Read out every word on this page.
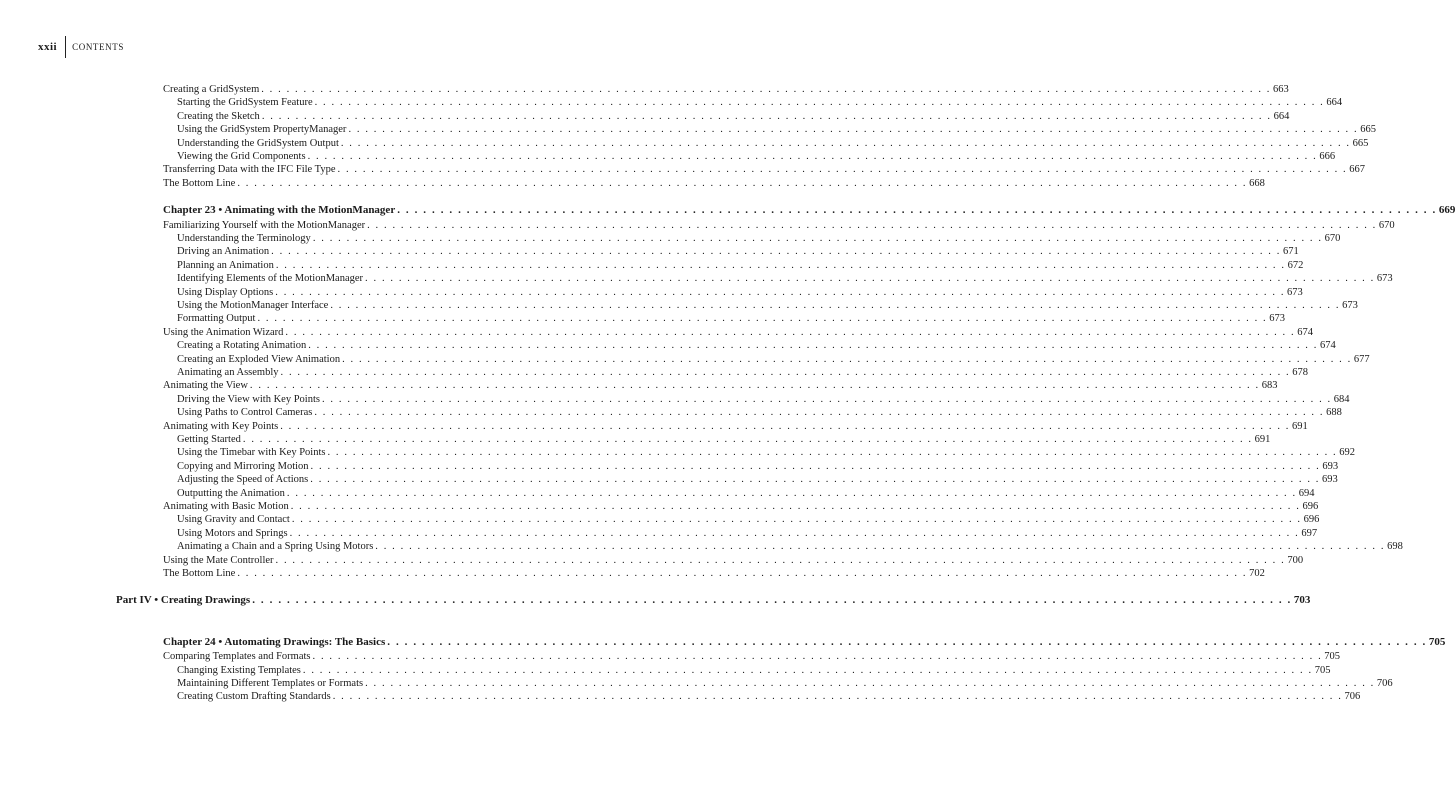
xxii	CONTENTS
Creating a GridSystem . . . . . . . . . . . . . . . . . . . . . . . . . . . . . . . . . . . . . . . . . . . . . . . . . . . . . . . . . . . . . . . . . . . . . . . . . . . . . . . . . . . . . . . . . . . . . . . . . . . . . . . . . . . . . . . . . . . . . . . . 663
Starting the GridSystem Feature . . . . . . . . . . . . . . . . . . . . . . . . . . . . . . . . . . . . . . . . . . . . . . . . . . . . . . . . . . . . . . . . . . . . . . . . . . . . . . . . . . . . . . . . . . . . . . . . . . . . . . . . . . . . . . . . . . . . . . . . 664
Creating the Sketch . . . . . . . . . . . . . . . . . . . . . . . . . . . . . . . . . . . . . . . . . . . . . . . . . . . . . . . . . . . . . . . . . . . . . . . . . . . . . . . . . . . . . . . . . . . . . . . . . . . . . . . . . . . . . . . . . . . . . . . . 664
Using the GridSystem PropertyManager . . . . . . . . . . . . . . . . . . . . . . . . . . . . . . . . . . . . . . . . . . . . . . . . . . . . . . . . . . . . . . . . . . . . . . . . . . . . . . . . . . . . . . . . . . . . . . . . . . . . . . . . . . . . . . . . . . . . . . . . 665
Understanding the GridSystem Output . . . . . . . . . . . . . . . . . . . . . . . . . . . . . . . . . . . . . . . . . . . . . . . . . . . . . . . . . . . . . . . . . . . . . . . . . . . . . . . . . . . . . . . . . . . . . . . . . . . . . . . . . . . . . . . . . . . . . . . . 665
Viewing the Grid Components . . . . . . . . . . . . . . . . . . . . . . . . . . . . . . . . . . . . . . . . . . . . . . . . . . . . . . . . . . . . . . . . . . . . . . . . . . . . . . . . . . . . . . . . . . . . . . . . . . . . . . . . . . . . . . . . . . . . . . . . 666
Transferring Data with the IFC File Type . . . . . . . . . . . . . . . . . . . . . . . . . . . . . . . . . . . . . . . . . . . . . . . . . . . . . . . . . . . . . . . . . . . . . . . . . . . . . . . . . . . . . . . . . . . . . . . . . . . . . . . . . . . . . . . . . . . . . . . . 667
The Bottom Line . . . . . . . . . . . . . . . . . . . . . . . . . . . . . . . . . . . . . . . . . . . . . . . . . . . . . . . . . . . . . . . . . . . . . . . . . . . . . . . . . . . . . . . . . . . . . . . . . . . . . . . . . . . . . . . . . . . . . . . . 668
Chapter 23 • Animating with the MotionManager . . . . . . . . . . . . . . . . . . . . . . . . . . . . . . . . . . . . . . . . . . . . . . . . . . . . . . . . . . . . . . . . . . . . . . . . . . . . . . . . . . . . . . . . . . . . . . . . . . . . . . . . . . . . . . . . . . . . . . . . 669
Familiarizing Yourself with the MotionManager . . . . . . . . . . . . . . . . . . . . . . . . . . . . . . . . . . . . . . . . . . . . . . . . . . . . . . . . . . . . . . . . . . . . . . . . . . . . . . . . . . . . . . . . . . . . . . . . . . . . . . . . . . . . . . . . . . . . . . . . 670
Understanding the Terminology . . . . . . . . . . . . . . . . . . . . . . . . . . . . . . . . . . . . . . . . . . . . . . . . . . . . . . . . . . . . . . . . . . . . . . . . . . . . . . . . . . . . . . . . . . . . . . . . . . . . . . . . . . . . . . . . . . . . . . . . 670
Driving an Animation . . . . . . . . . . . . . . . . . . . . . . . . . . . . . . . . . . . . . . . . . . . . . . . . . . . . . . . . . . . . . . . . . . . . . . . . . . . . . . . . . . . . . . . . . . . . . . . . . . . . . . . . . . . . . . . . . . . . . . . . 671
Planning an Animation . . . . . . . . . . . . . . . . . . . . . . . . . . . . . . . . . . . . . . . . . . . . . . . . . . . . . . . . . . . . . . . . . . . . . . . . . . . . . . . . . . . . . . . . . . . . . . . . . . . . . . . . . . . . . . . . . . . . . . . . 672
Identifying Elements of the MotionManager . . . . . . . . . . . . . . . . . . . . . . . . . . . . . . . . . . . . . . . . . . . . . . . . . . . . . . . . . . . . . . . . . . . . . . . . . . . . . . . . . . . . . . . . . . . . . . . . . . . . . . . . . . . . . . . . . . . . . . . . 673
Using Display Options . . . . . . . . . . . . . . . . . . . . . . . . . . . . . . . . . . . . . . . . . . . . . . . . . . . . . . . . . . . . . . . . . . . . . . . . . . . . . . . . . . . . . . . . . . . . . . . . . . . . . . . . . . . . . . . . . . . . . . . . 673
Using the MotionManager Interface . . . . . . . . . . . . . . . . . . . . . . . . . . . . . . . . . . . . . . . . . . . . . . . . . . . . . . . . . . . . . . . . . . . . . . . . . . . . . . . . . . . . . . . . . . . . . . . . . . . . . . . . . . . . . . . . . . . . . . . . 673
Formatting Output . . . . . . . . . . . . . . . . . . . . . . . . . . . . . . . . . . . . . . . . . . . . . . . . . . . . . . . . . . . . . . . . . . . . . . . . . . . . . . . . . . . . . . . . . . . . . . . . . . . . . . . . . . . . . . . . . . . . . . . . 673
Using the Animation Wizard . . . . . . . . . . . . . . . . . . . . . . . . . . . . . . . . . . . . . . . . . . . . . . . . . . . . . . . . . . . . . . . . . . . . . . . . . . . . . . . . . . . . . . . . . . . . . . . . . . . . . . . . . . . . . . . . . . . . . . . . 674
Creating a Rotating Animation . . . . . . . . . . . . . . . . . . . . . . . . . . . . . . . . . . . . . . . . . . . . . . . . . . . . . . . . . . . . . . . . . . . . . . . . . . . . . . . . . . . . . . . . . . . . . . . . . . . . . . . . . . . . . . . . . . . . . . . . 674
Creating an Exploded View Animation . . . . . . . . . . . . . . . . . . . . . . . . . . . . . . . . . . . . . . . . . . . . . . . . . . . . . . . . . . . . . . . . . . . . . . . . . . . . . . . . . . . . . . . . . . . . . . . . . . . . . . . . . . . . . . . . . . . . . . . . 677
Animating an Assembly . . . . . . . . . . . . . . . . . . . . . . . . . . . . . . . . . . . . . . . . . . . . . . . . . . . . . . . . . . . . . . . . . . . . . . . . . . . . . . . . . . . . . . . . . . . . . . . . . . . . . . . . . . . . . . . . . . . . . . . . 678
Animating the View . . . . . . . . . . . . . . . . . . . . . . . . . . . . . . . . . . . . . . . . . . . . . . . . . . . . . . . . . . . . . . . . . . . . . . . . . . . . . . . . . . . . . . . . . . . . . . . . . . . . . . . . . . . . . . . . . . . . . . . . 683
Driving the View with Key Points . . . . . . . . . . . . . . . . . . . . . . . . . . . . . . . . . . . . . . . . . . . . . . . . . . . . . . . . . . . . . . . . . . . . . . . . . . . . . . . . . . . . . . . . . . . . . . . . . . . . . . . . . . . . . . . . . . . . . . . . 684
Using Paths to Control Cameras . . . . . . . . . . . . . . . . . . . . . . . . . . . . . . . . . . . . . . . . . . . . . . . . . . . . . . . . . . . . . . . . . . . . . . . . . . . . . . . . . . . . . . . . . . . . . . . . . . . . . . . . . . . . . . . . . . . . . . . . 688
Animating with Key Points . . . . . . . . . . . . . . . . . . . . . . . . . . . . . . . . . . . . . . . . . . . . . . . . . . . . . . . . . . . . . . . . . . . . . . . . . . . . . . . . . . . . . . . . . . . . . . . . . . . . . . . . . . . . . . . . . . . . . . . . 691
Getting Started . . . . . . . . . . . . . . . . . . . . . . . . . . . . . . . . . . . . . . . . . . . . . . . . . . . . . . . . . . . . . . . . . . . . . . . . . . . . . . . . . . . . . . . . . . . . . . . . . . . . . . . . . . . . . . . . . . . . . . . . 691
Using the Timebar with Key Points . . . . . . . . . . . . . . . . . . . . . . . . . . . . . . . . . . . . . . . . . . . . . . . . . . . . . . . . . . . . . . . . . . . . . . . . . . . . . . . . . . . . . . . . . . . . . . . . . . . . . . . . . . . . . . . . . . . . . . . . 692
Copying and Mirroring Motion . . . . . . . . . . . . . . . . . . . . . . . . . . . . . . . . . . . . . . . . . . . . . . . . . . . . . . . . . . . . . . . . . . . . . . . . . . . . . . . . . . . . . . . . . . . . . . . . . . . . . . . . . . . . . . . . . . . . . . . . 693
Adjusting the Speed of Actions . . . . . . . . . . . . . . . . . . . . . . . . . . . . . . . . . . . . . . . . . . . . . . . . . . . . . . . . . . . . . . . . . . . . . . . . . . . . . . . . . . . . . . . . . . . . . . . . . . . . . . . . . . . . . . . . . . . . . . . . 693
Outputting the Animation . . . . . . . . . . . . . . . . . . . . . . . . . . . . . . . . . . . . . . . . . . . . . . . . . . . . . . . . . . . . . . . . . . . . . . . . . . . . . . . . . . . . . . . . . . . . . . . . . . . . . . . . . . . . . . . . . . . . . . . . 694
Animating with Basic Motion . . . . . . . . . . . . . . . . . . . . . . . . . . . . . . . . . . . . . . . . . . . . . . . . . . . . . . . . . . . . . . . . . . . . . . . . . . . . . . . . . . . . . . . . . . . . . . . . . . . . . . . . . . . . . . . . . . . . . . . . 696
Using Gravity and Contact . . . . . . . . . . . . . . . . . . . . . . . . . . . . . . . . . . . . . . . . . . . . . . . . . . . . . . . . . . . . . . . . . . . . . . . . . . . . . . . . . . . . . . . . . . . . . . . . . . . . . . . . . . . . . . . . . . . . . . . . 696
Using Motors and Springs . . . . . . . . . . . . . . . . . . . . . . . . . . . . . . . . . . . . . . . . . . . . . . . . . . . . . . . . . . . . . . . . . . . . . . . . . . . . . . . . . . . . . . . . . . . . . . . . . . . . . . . . . . . . . . . . . . . . . . . . 697
Animating a Chain and a Spring Using Motors . . . . . . . . . . . . . . . . . . . . . . . . . . . . . . . . . . . . . . . . . . . . . . . . . . . . . . . . . . . . . . . . . . . . . . . . . . . . . . . . . . . . . . . . . . . . . . . . . . . . . . . . . . . . . . . . . . . . . . . . 698
Using the Mate Controller . . . . . . . . . . . . . . . . . . . . . . . . . . . . . . . . . . . . . . . . . . . . . . . . . . . . . . . . . . . . . . . . . . . . . . . . . . . . . . . . . . . . . . . . . . . . . . . . . . . . . . . . . . . . . . . . . . . . . . . . 700
The Bottom Line . . . . . . . . . . . . . . . . . . . . . . . . . . . . . . . . . . . . . . . . . . . . . . . . . . . . . . . . . . . . . . . . . . . . . . . . . . . . . . . . . . . . . . . . . . . . . . . . . . . . . . . . . . . . . . . . . . . . . . . . 702
Part IV • Creating Drawings . . . . . . . . . . . . . . . . . . . . . . . . . . . . . . . . . . . . . . . . . . . . . . . . . . . . . . . . . . . . . . . . . . . . . . . . . . . . . . . . . . . . . . . . . . . . . . . . . . . . . . . . . . . . . . . . . . . . . . . . 703
Chapter 24 • Automating Drawings: The Basics . . . . . . . . . . . . . . . . . . . . . . . . . . . . . . . . . . . . . . . . . . . . . . . . . . . . . . . . . . . . . . . . . . . . . . . . . . . . . . . . . . . . . . . . . . . . . . . . . . . . . . . . . . . . . . . . . . . . . . . . 705
Comparing Templates and Formats . . . . . . . . . . . . . . . . . . . . . . . . . . . . . . . . . . . . . . . . . . . . . . . . . . . . . . . . . . . . . . . . . . . . . . . . . . . . . . . . . . . . . . . . . . . . . . . . . . . . . . . . . . . . . . . . . . . . . . . . 705
Changing Existing Templates . . . . . . . . . . . . . . . . . . . . . . . . . . . . . . . . . . . . . . . . . . . . . . . . . . . . . . . . . . . . . . . . . . . . . . . . . . . . . . . . . . . . . . . . . . . . . . . . . . . . . . . . . . . . . . . . . . . . . . . . 705
Maintaining Different Templates or Formats . . . . . . . . . . . . . . . . . . . . . . . . . . . . . . . . . . . . . . . . . . . . . . . . . . . . . . . . . . . . . . . . . . . . . . . . . . . . . . . . . . . . . . . . . . . . . . . . . . . . . . . . . . . . . . . . . . . . . . . . 706
Creating Custom Drafting Standards . . . . . . . . . . . . . . . . . . . . . . . . . . . . . . . . . . . . . . . . . . . . . . . . . . . . . . . . . . . . . . . . . . . . . . . . . . . . . . . . . . . . . . . . . . . . . . . . . . . . . . . . . . . . . . . . . . . . . . . . 706
